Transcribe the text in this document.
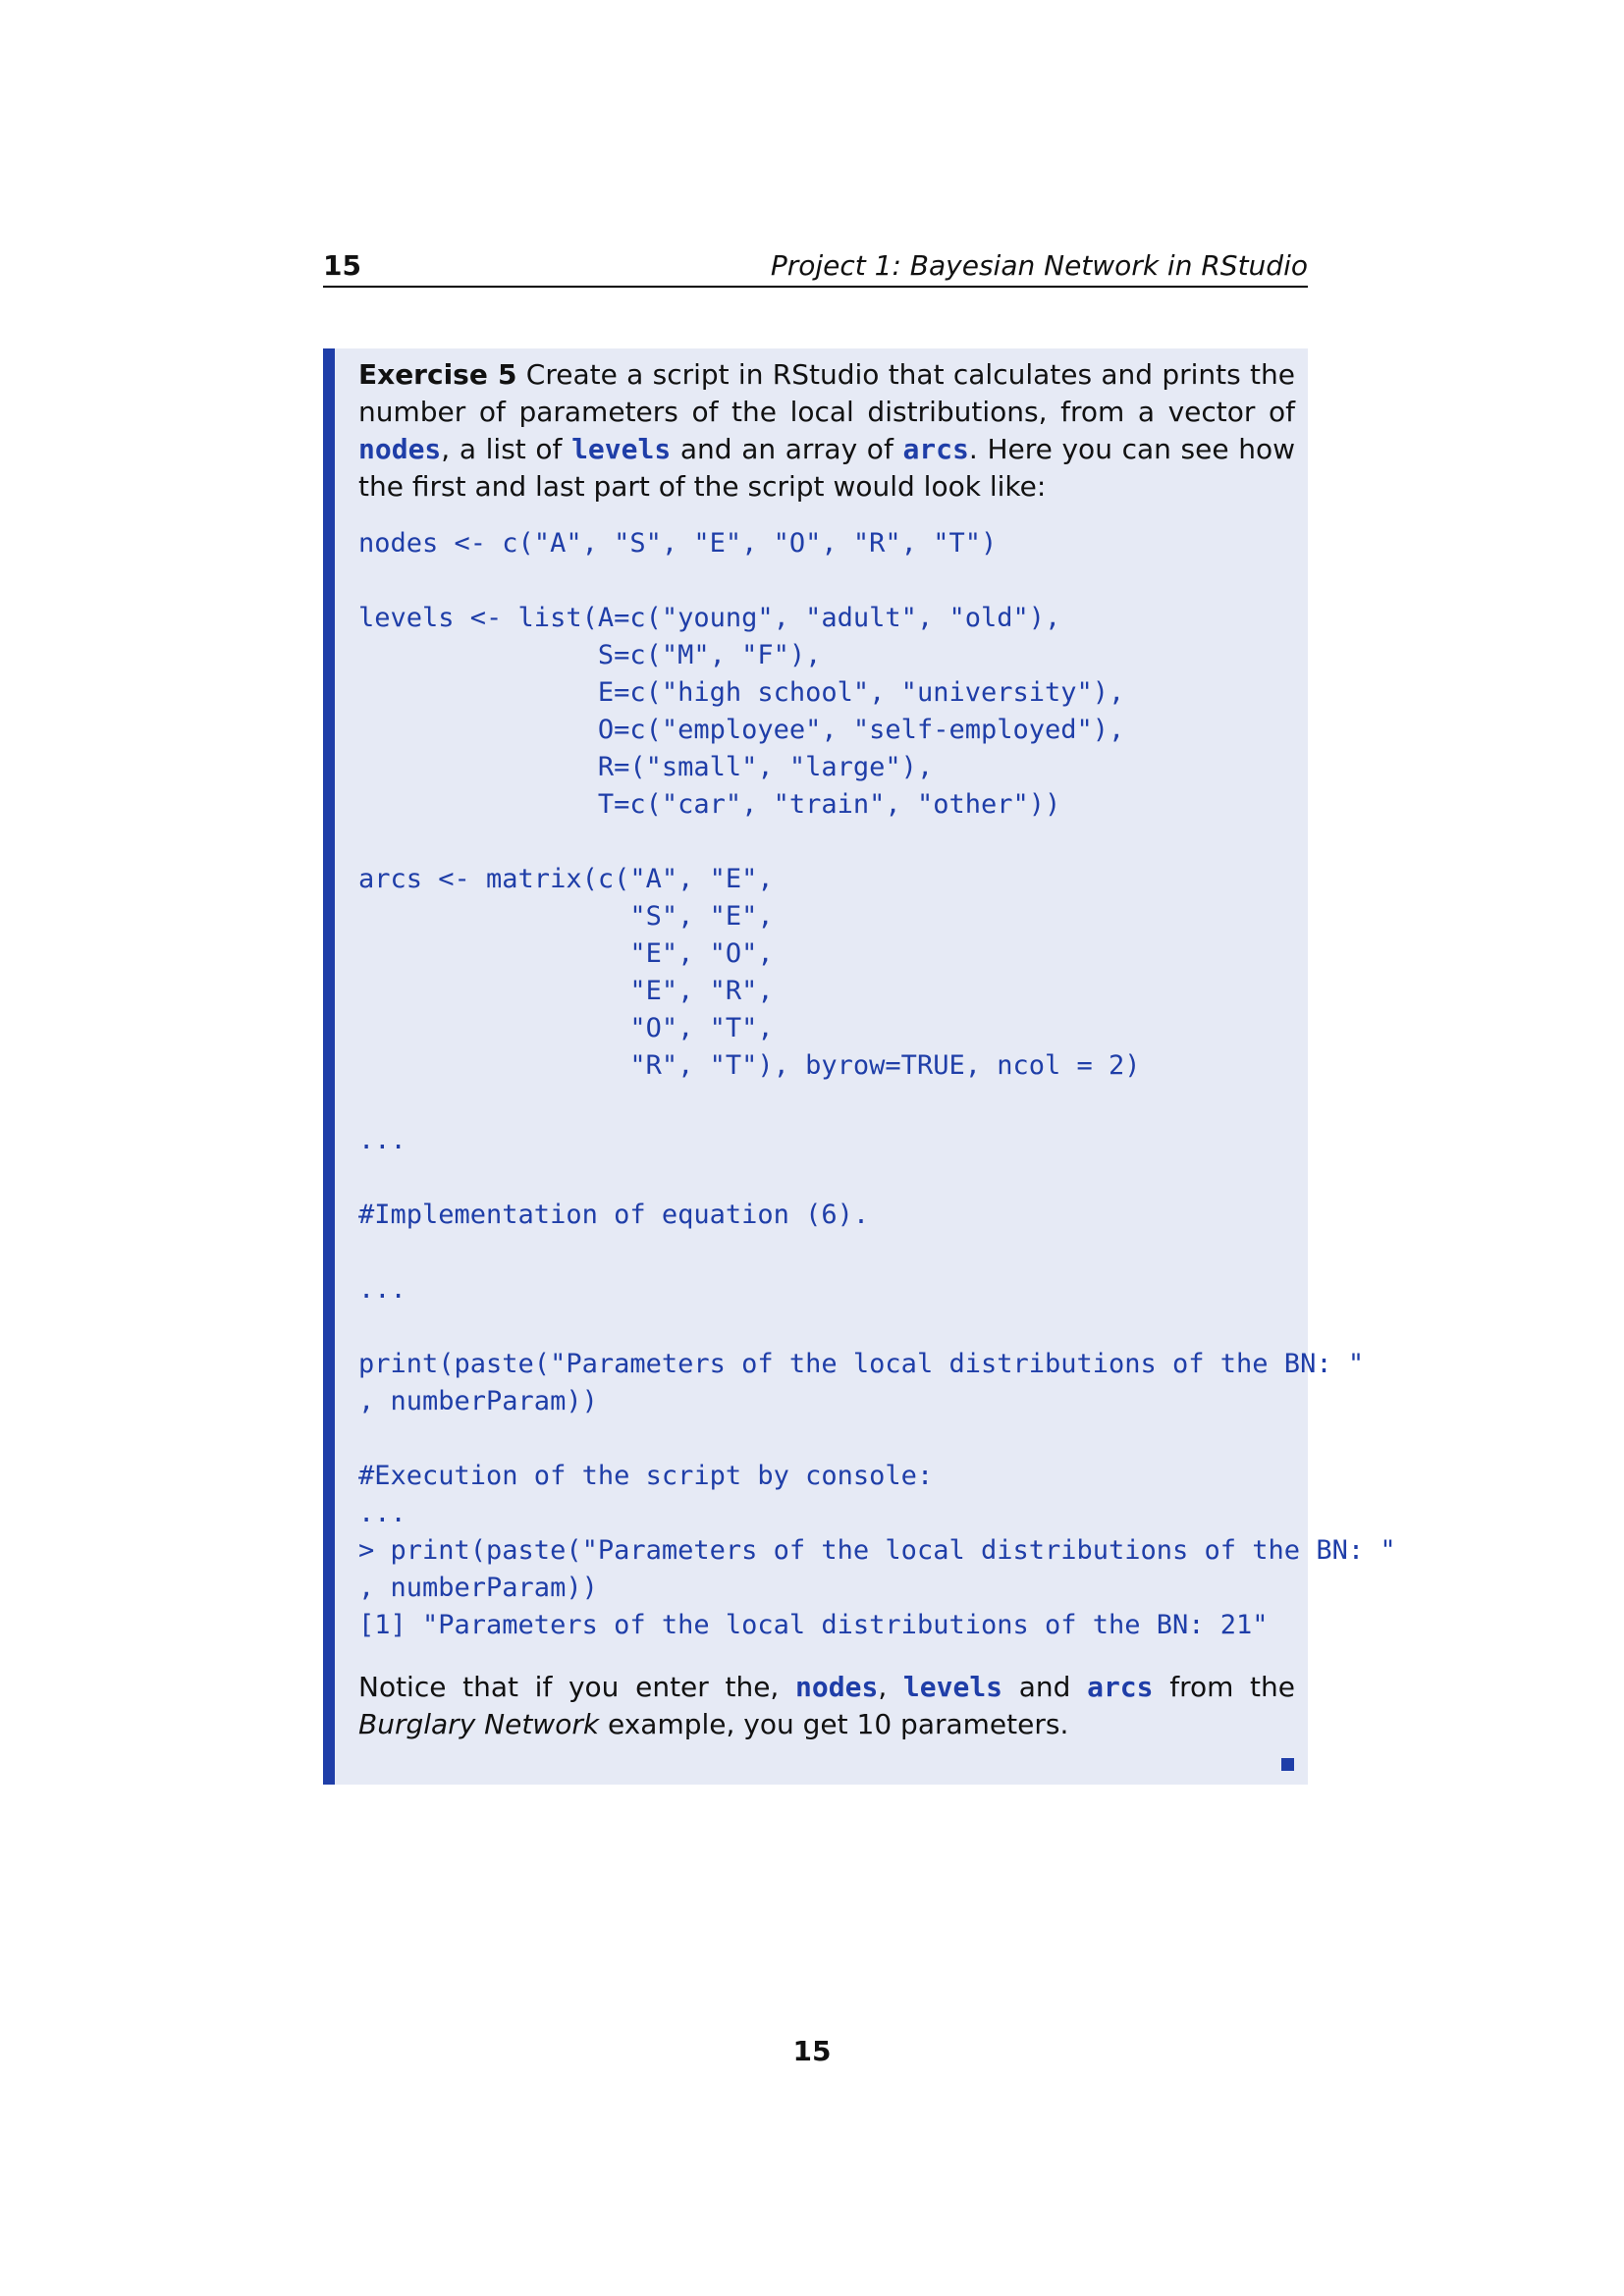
15	Project 1: Bayesian Network in RStudio

Exercise 5 Create a script in RStudio that calculates and prints the number of parameters of the local distributions, from a vector of nodes, a list of levels and an array of arcs. Here you can see how the first and last part of the script would look like:

nodes <- c("A", "S", "E", "O", "R", "T")

levels <- list(A=c("young", "adult", "old"),
S=c("M", "F"),
E=c("high school", "university"),
O=c("employee", "self-employed"),
R=("small", "large"),
T=c("car", "train", "other"))

arcs <- matrix(c("A", "E",
"S", "E",
"E", "O",
"E", "R",
"O", "T",
"R", "T"), byrow=TRUE, ncol = 2)

...

#Implementation of equation (6).

...

print(paste("Parameters of the local distributions of the BN: "
, numberParam))

#Execution of the script by console:
...
> print(paste("Parameters of the local distributions of the BN: "
, numberParam))
[1] "Parameters of the local distributions of the BN: 21"

Notice that if you enter the, nodes, levels and arcs from the Burglary Network example, you get 10 parameters.

15
